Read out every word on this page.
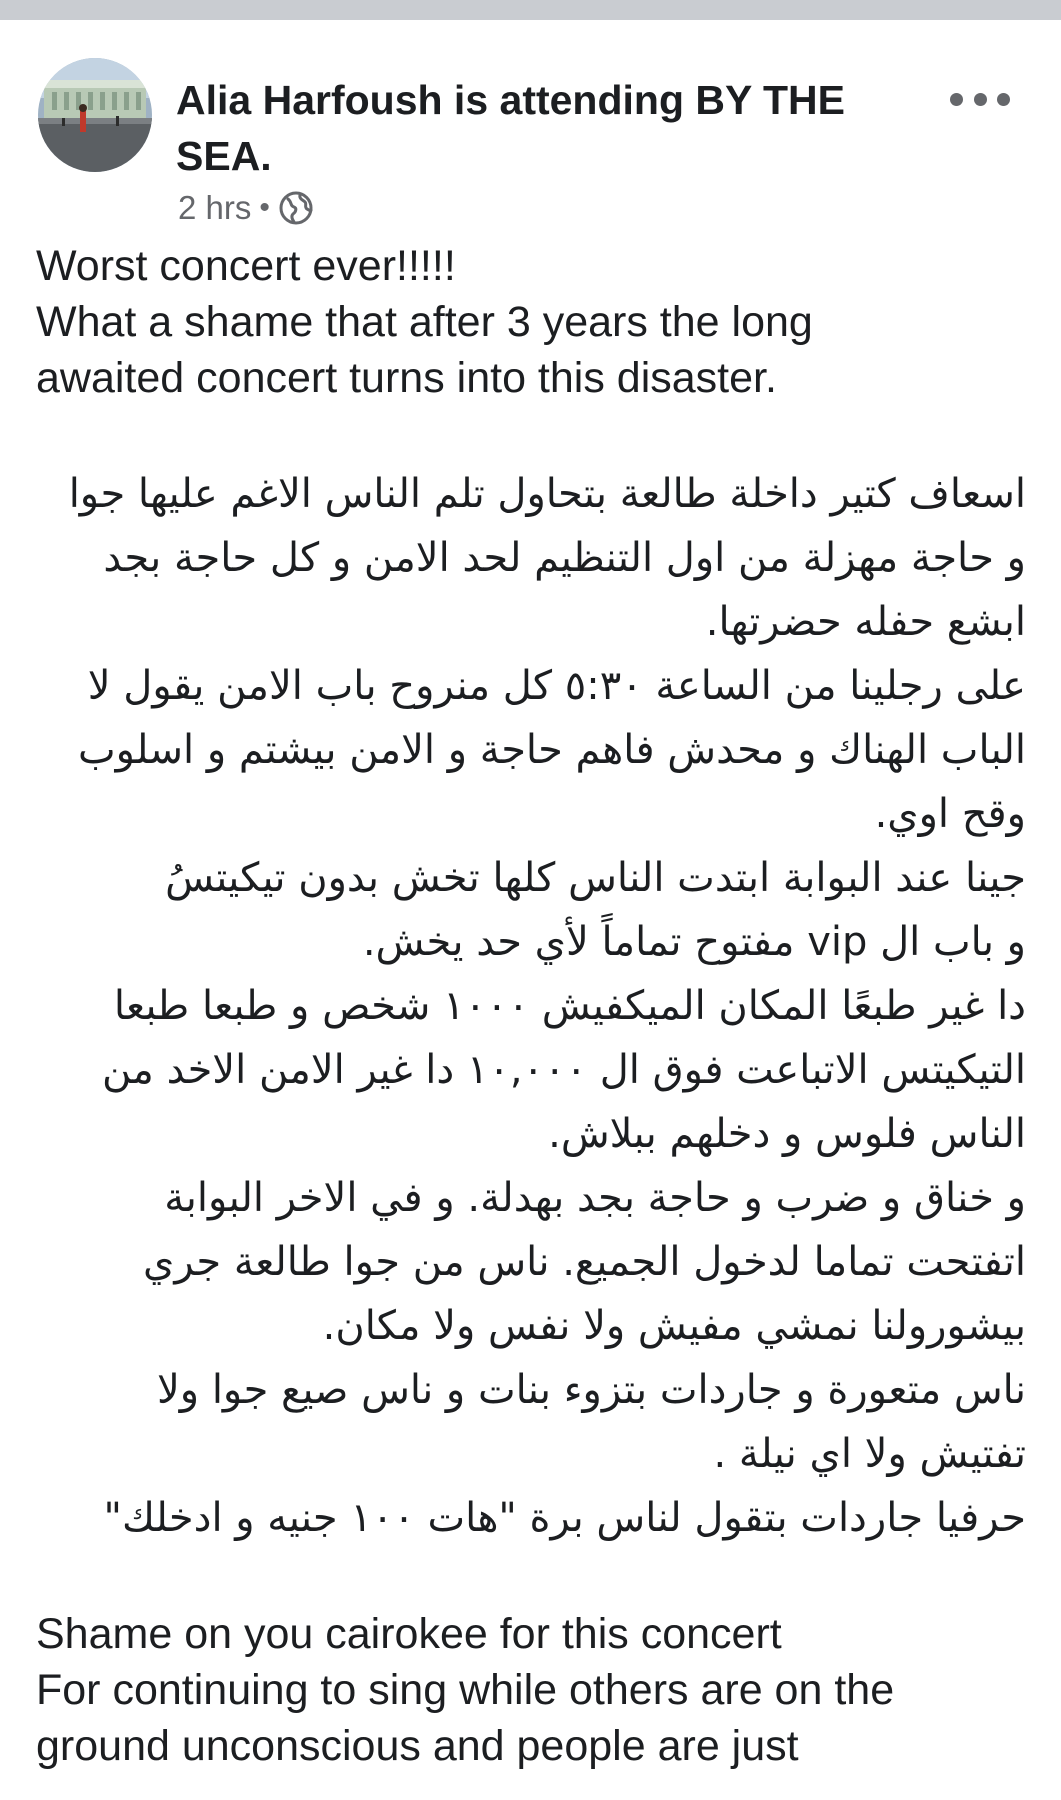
Alia Harfoush is attending BY THE SEA.
2 hrs •

Worst concert ever!!!!!

What a shame that after 3 years the long

awaited concert turns into this disaster.

اسعاف كتير داخلة طالعة بتحاول تلم الناس الاغم عليها جوا

و حاجة مهزلة من اول التنظيم لحد الامن و كل حاجة بجد

ابشع حفله حضرتها.

على رجلينا من الساعة ٥:٣٠ كل منروح باب الامن يقول لا

الباب الهناك و محدش فاهم حاجة و الامن بيشتم و اسلوب

وقح اوي.

جينا عند البوابة ابتدت الناس كلها تخش بدون تيكيتسُ

و باب ال vip مفتوح تماماً لأي حد يخش.

دا غير طبعًا المكان الميكفيش ١٠٠٠ شخص و طبعا طبعا

التيكيتس الاتباعت فوق ال ١٠,٠٠٠ دا غير الامن الاخد من

الناس فلوس و دخلهم ببلاش.

و خناق و ضرب و حاجة بجد بهدلة. و في الاخر البوابة

اتفتحت تماما لدخول الجميع. ناس من جوا طالعة جري

بيشورولنا نمشي مفيش ولا نفس ولا مكان.

ناس متعورة و جاردات بتزوء بنات و ناس صيع جوا ولا

تفتيش ولا اي نيلة .

حرفيا جاردات بتقول لناس برة "هات ١٠٠ جنيه و ادخلك"

Shame on you cairokee for this concert

For continuing to sing while others are on the

ground unconscious and people are just
